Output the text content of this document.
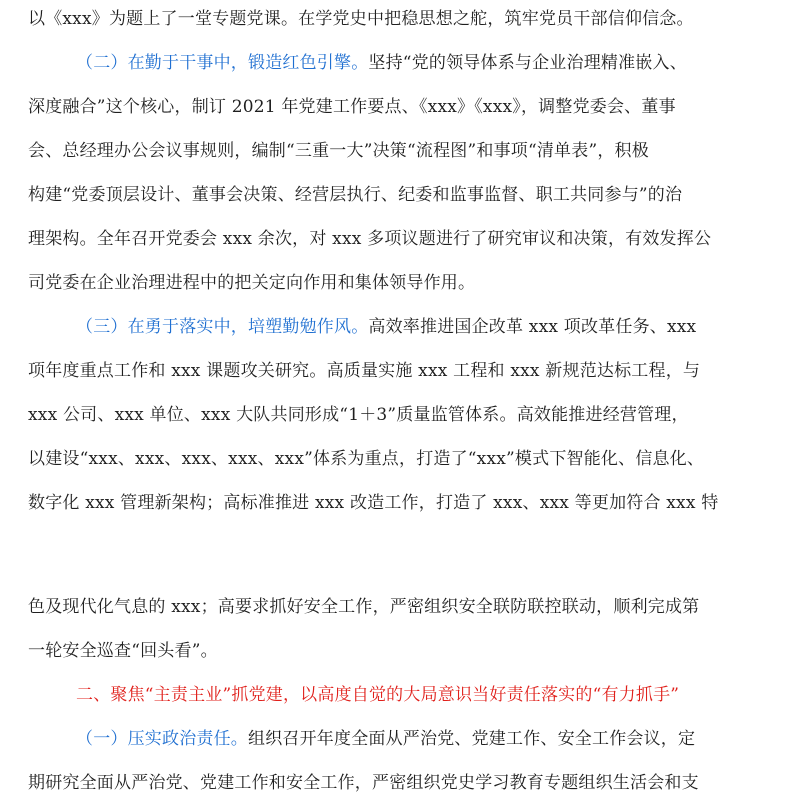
以《xxx》为题上了一堂专题党课。在学党史中把稳思想之舵，筑牢党员干部信仰信念。
（二）在勤于干事中，锻造红色引擎。坚持“党的领导体系与企业治理精准嵌入、
深度融合”这个核心，制订 2021 年党建工作要点、《xxx》《xxx》，调整党委会、董事
会、总经理办公会议事规则，编制“三重一大”决策“流程图”和事项“清单表”，积极
构建“党委顶层设计、董事会决策、经营层执行、纪委和监事监督、职工共同参与”的治
理架构。全年召开党委会 xxx 余次，对 xxx 多项议题进行了研究审议和决策，有效发挥公
司党委在企业治理进程中的把关定向作用和集体领导作用。
（三）在勇于落实中，培塑勤勉作风。高效率推进国企改革 xxx 项改革任务、xxx
项年度重点工作和 xxx 课题攻关研究。高质量实施 xxx 工程和 xxx 新规范达标工程，与
xxx 公司、xxx 单位、xxx 大队共同形成“1＋3”质量监管体系。高效能推进经营管理，
以建设“xxx、xxx、xxx、xxx、xxx”体系为重点，打造了“xxx”模式下智能化、信息化、
数字化 xxx 管理新架构；高标准推进 xxx 改造工作，打造了 xxx、xxx 等更加符合 xxx 特
色及现代化气息的 xxx；高要求抓好安全工作，严密组织安全联防联控联动，顺利完成第
一轮安全巡查“回头看”。
二、聚焦“主责主业”抓党建，以高度自觉的大局意识当好责任落实的“有力抓手”
（一）压实政治责任。组织召开年度全面从严治党、党建工作、安全工作会议，定
期研究全面从严治党、党建工作和安全工作，严密组织党史学习教育专题组织生活会和支
